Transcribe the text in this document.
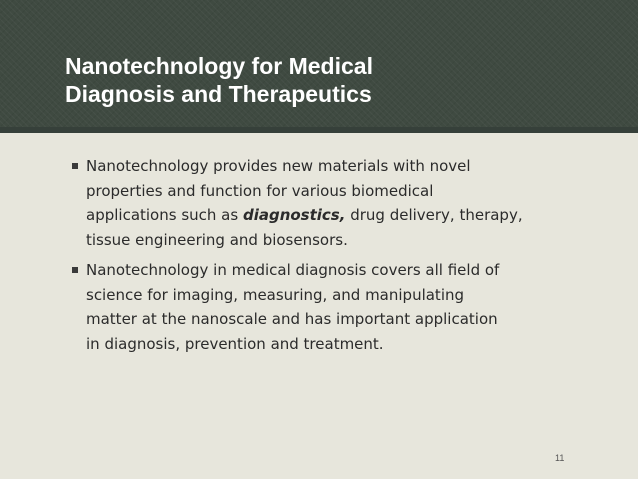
Nanotechnology for Medical
Diagnosis and Therapeutics
Nanotechnology provides new materials with novel
properties and function for various biomedical
applications such as diagnostics, drug delivery, therapy,
tissue engineering and biosensors.
Nanotechnology in medical diagnosis covers all field of
science for imaging, measuring, and manipulating
matter at the nanoscale and has important application
in diagnosis, prevention and treatment.
11
